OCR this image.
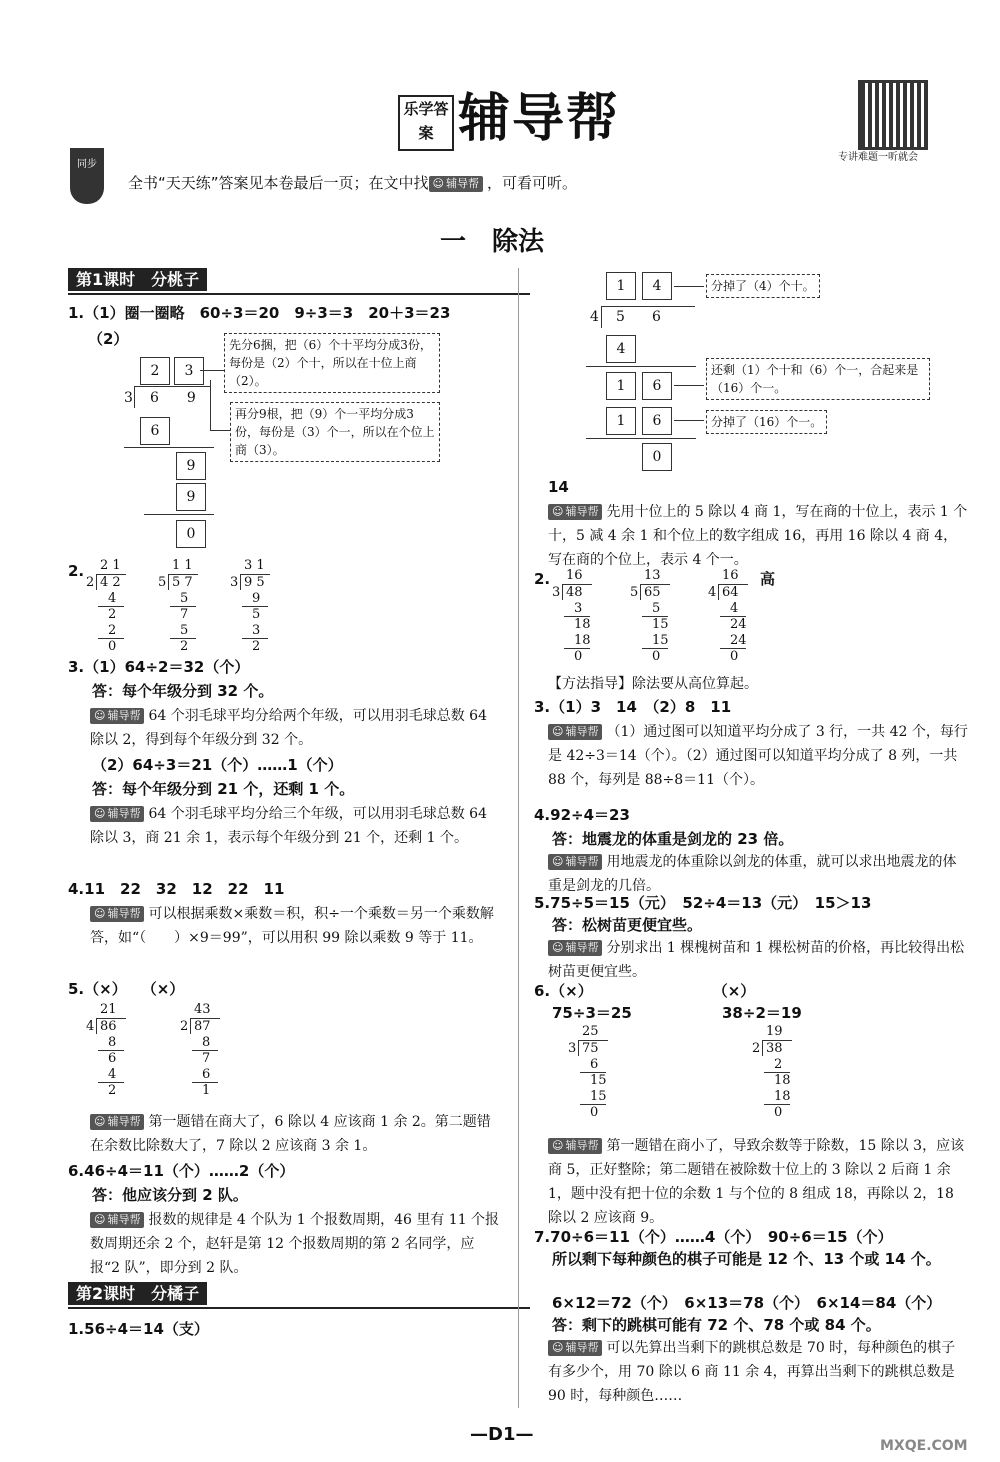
乐学答案 辅导帮
专讲难题一听就会
同步
全书“天天练”答案见本卷最后一页；在文中找☺ 辅导帮 ，可看可听。
一　除法
第1课时　分桃子
1.（1）圈一圈略　60÷3＝20　9÷3＝3　20＋3＝23
（2）
2	3
3 6　　9
6
9
9
0
先分6捆，把（6）个十平均分成3份，每份是（2）个十，所以在十位上商（2）。
再分9根，把（9）个一平均分成3份，每份是（3）个一，所以在个位上商（3）。
2. 2 1
2 4 2
4
2
2
0
1 1
5 5 7
5
7
5
2
3 1
3 9 5
9
5
3
2
3.（1）64÷2＝32（个）
答：每个年级分到 32 个。
☺ 辅导帮 64 个羽毛球平均分给两个年级，可以用羽毛球总数 64 除以 2，得到每个年级分到 32 个。
（2）64÷3＝21（个）……1（个）
答：每个年级分到 21 个，还剩 1 个。
☺ 辅导帮 64 个羽毛球平均分给三个年级，可以用羽毛球总数 64 除以 3，商 21 余 1，表示每个年级分到 21 个，还剩 1 个。
4.11　22　32　12　22　11
☺ 辅导帮 可以根据乘数×乘数＝积，积÷一个乘数＝另一个乘数解答，如“（　　）×9＝99”，可以用积 99 除以乘数 9 等于 11。
5.（×）　　（×）
21
4 86
8
6
4
2
43
2 87
8
7
6
1
☺ 辅导帮 第一题错在商大了，6 除以 4 应该商 1 余 2。第二题错在余数比除数大了，7 除以 2 应该商 3 余 1。
6.46÷4＝11（个）……2（个）
答：他应该分到 2 队。
☺ 辅导帮 报数的规律是 4 个队为 1 个报数周期，46 里有 11 个报数周期还余 2 个，赵轩是第 12 个报数周期的第 2 名同学，应报“2 队”，即分到 2 队。
第2课时　分橘子
1.56÷4＝14（支）
1	4	分掉了（4）个十。
4 5 6
4
1	6
还剩（1）个十和（6）个一，合起来是（16）个一。
1	6	分掉了（16）个一。
0
14
☺ 辅导帮 先用十位上的 5 除以 4 商 1，写在商的十位上，表示 1 个十，5 减 4 余 1 和个位上的数字组成 16，再用 16 除以 4 商 4，写在商的个位上，表示 4 个一。
2.	高
16
3 48
3
18
18
0
13
5 65
5
15
15
0
16
4 64
4
24
24
0
【方法指导】除法要从高位算起。
3.（1）3　14　（2）8　11
☺ 辅导帮 （1）通过图可以知道平均分成了 3 行，一共 42 个，每行是 42÷3＝14（个）。（2）通过图可以知道平均分成了 8 列，一共 88 个，每列是 88÷8＝11（个）。
4.92÷4＝23
答：地震龙的体重是剑龙的 23 倍。
☺ 辅导帮 用地震龙的体重除以剑龙的体重，就可以求出地震龙的体重是剑龙的几倍。
5.75÷5＝15（元）　52÷4＝13（元）　15＞13
答：松树苗更便宜些。
☺ 辅导帮 分别求出 1 棵槐树苗和 1 棵松树苗的价格，再比较得出松树苗更便宜些。
6.（×）　　　　　　　　　（×）
75÷3＝25	38÷2＝19
25
3 75
6
15
15
0
19
2 38
2
18
18
0
☺ 辅导帮 第一题错在商小了，导致余数等于除数，15 除以 3，应该商 5，正好整除；第二题错在被除数十位上的 3 除以 2 后商 1 余 1，题中没有把十位的余数 1 与个位的 8 组成 18，再除以 2，18 除以 2 应该商 9。
7.70÷6＝11（个）……4（个）　90÷6＝15（个）
所以剩下每种颜色的棋子可能是 12 个、13 个或 14 个。
6×12＝72（个）　6×13＝78（个）　6×14＝84（个）
答：剩下的跳棋可能有 72 个、78 个或 84 个。
☺ 辅导帮 可以先算出当剩下的跳棋总数是 70 时，每种颜色的棋子有多少个，用 70 除以 6 商 11 余 4，再算出当剩下的跳棋总数是 90 时，每种颜色……
—D1—
MXQE.COM
